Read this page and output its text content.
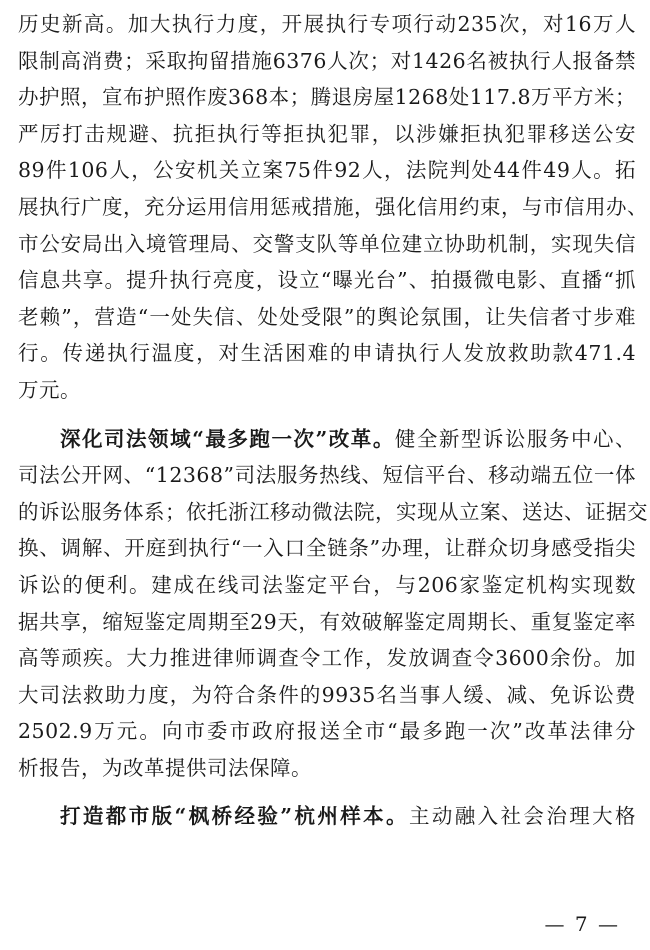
历史新高。加大执行力度，开展执行专项行动235次，对16万人
限制高消费；采取拘留措施6376人次；对1426名被执行人报备禁
办护照，宣布护照作废368本；腾退房屋1268处117.8万平方米；
严厉打击规避、抗拒执行等拒执犯罪，以涉嫌拒执犯罪移送公安
89件106人，公安机关立案75件92人，法院判处44件49人。拓
展执行广度，充分运用信用惩戒措施，强化信用约束，与市信用办、
市公安局出入境管理局、交警支队等单位建立协助机制，实现失信
信息共享。提升执行亮度，设立“曝光台”、拍摄微电影、直播“抓
老赖”，营造“一处失信、处处受限”的舆论氛围，让失信者寸步难
行。传递执行温度，对生活困难的申请执行人发放救助款471.4
万元。
深化司法领域“最多跑一次”改革。健全新型诉讼服务中心、
司法公开网、“12368”司法服务热线、短信平台、移动端五位一体
的诉讼服务体系；依托浙江移动微法院，实现从立案、送达、证据交
换、调解、开庭到执行“一入口全链条”办理，让群众切身感受指尖
诉讼的便利。建成在线司法鉴定平台，与206家鉴定机构实现数
据共享，缩短鉴定周期至29天，有效破解鉴定周期长、重复鉴定率
高等顽疾。大力推进律师调查令工作，发放调查令3600余份。加
大司法救助力度，为符合条件的9935名当事人缓、减、免诉讼费
2502.9万元。向市委市政府报送全市“最多跑一次”改革法律分
析报告，为改革提供司法保障。
打造都市版“枫桥经验”杭州样本。主动融入社会治理大格
— 7 —
